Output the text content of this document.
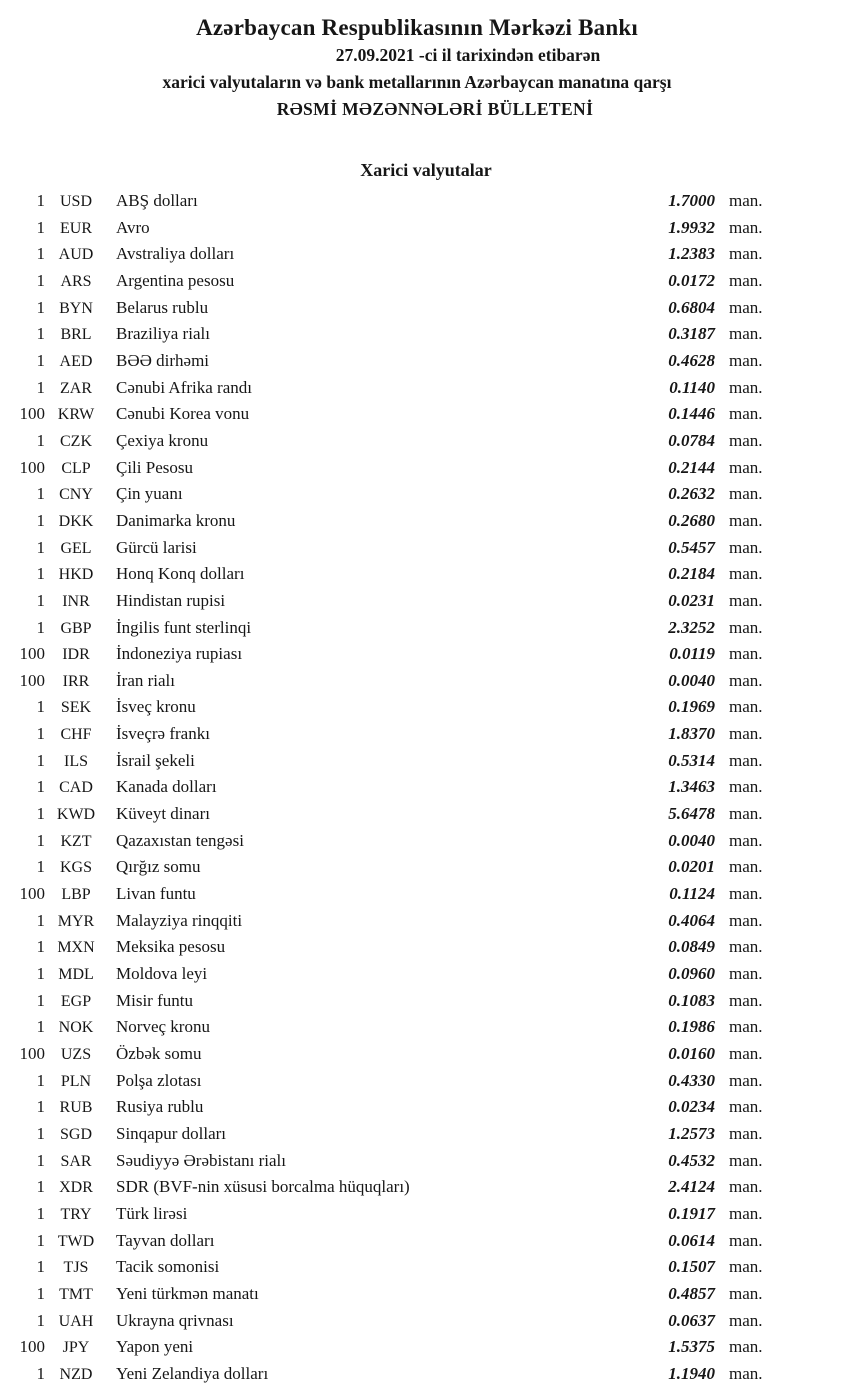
Azərbaycan Respublikasının Mərkəzi Bankı
27.09.2021 -ci il tarixindən etibarən
xarici valyutaların və bank metallarının Azərbaycan manatına qarşı
RƏSMİ MƏZƏNNƏLƏRİ BÜLLETENİ
Xarici valyutalar
1 USD	ABŞ dolları	1.7000 man.
1 EUR	Avro	1.9932 man.
1 AUD	Avstraliya dolları	1.2383 man.
1 ARS	Argentina pesosu	0.0172 man.
1 BYN	Belarus rublu	0.6804 man.
1 BRL	Braziliya rialı	0.3187 man.
1 AED	BƏƏ dirhəmi	0.4628 man.
1 ZAR	Cənubi Afrika randı	0.1140 man.
100 KRW	Cənubi Korea vonu	0.1446 man.
1 CZK	Çexiya kronu	0.0784 man.
100	CLP	Çili Pesosu	0.2144 man.
1 CNY	Çin yuanı	0.2632 man.
1 DKK	Danimarka kronu	0.2680 man.
1 GEL	Gürcü larisi	0.5457 man.
1 HKD	Honq Konq dolları	0.2184 man.
1	INR	Hindistan rupisi	0.0231 man.
1 GBP	İngilis funt sterlinqi	2.3252 man.
100	IDR	İndoneziya rupiası	0.0119 man.
100	IRR	İran rialı	0.0040 man.
1 SEK	İsveç kronu	0.1969 man.
1 CHF	İsveçrə frankı	1.8370 man.
1	ILS	İsrail şekeli	0.5314 man.
1 CAD	Kanada dolları	1.3463 man.
1 KWD	Küveyt dinarı	5.6478 man.
1 KZT	Qazaxıstan tengəsi	0.0040 man.
1 KGS	Qırğız somu	0.0201 man.
100	LBP	Livan funtu	0.1124 man.
1 MYR	Malayziya rinqqiti	0.4064 man.
1 MXN	Meksika pesosu	0.0849 man.
1 MDL	Moldova leyi	0.0960 man.
1 EGP	Misir funtu	0.1083 man.
1 NOK	Norveç kronu	0.1986 man.
100 UZS	Özbək somu	0.0160 man.
1 PLN	Polşa zlotası	0.4330 man.
1 RUB	Rusiya rublu	0.0234 man.
1 SGD	Sinqapur dolları	1.2573 man.
1 SAR	Səudiyyə Ərəbistanı rialı	0.4532 man.
1 XDR	SDR (BVF-nin xüsusi borcalma hüquqları)	2.4124 man.
1 TRY	Türk lirəsi	0.1917 man.
1 TWD	Tayvan dolları	0.0614 man.
1	TJS	Tacik somonisi	0.1507 man.
1 TMT	Yeni türkmən manatı	0.4857 man.
1 UAH	Ukrayna qrivnası	0.0637 man.
100	JPY	Yapon yeni	1.5375 man.
1 NZD	Yeni Zelandiya dolları	1.1940 man.
